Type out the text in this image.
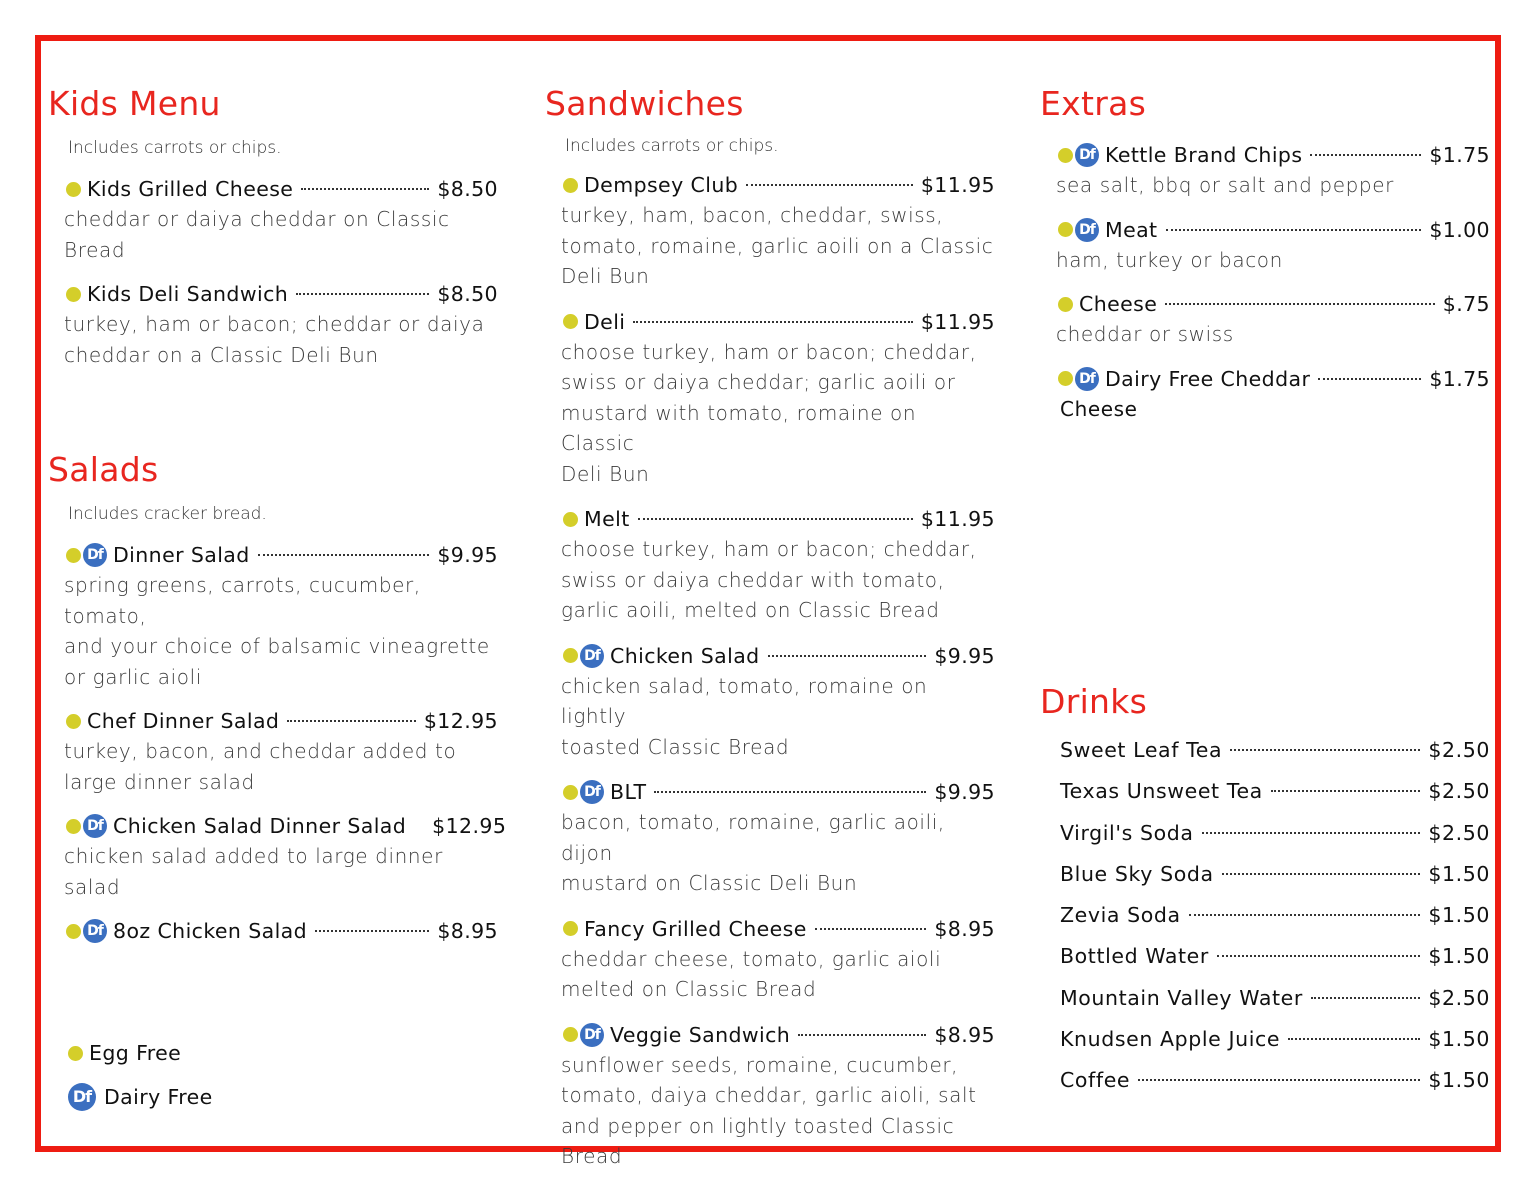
Kids Menu

Includes carrots or chips.

Kids Grilled Cheese	$8.50

cheddar or daiya cheddar on Classic
Bread

Kids Deli Sandwich	$8.50

turkey, ham or bacon; cheddar or daiya
cheddar on a Classic Deli Bun

Salads

Includes cracker bread.

Df Dinner Salad	$9.95

spring greens, carrots, cucumber, tomato,
and your choice of balsamic vineagrette
or garlic aioli

Chef Dinner Salad	$12.95

turkey, bacon, and cheddar added to
large dinner salad

Df Chicken Salad Dinner Salad $12.95

chicken salad added to large dinner salad

Df 8oz Chicken Salad	$8.95
Egg Free
Df Dairy Free
Sandwiches

Includes carrots or chips.

Dempsey Club	$11.95

turkey, ham, bacon, cheddar, swiss,
tomato, romaine, garlic aoili on a Classic
Deli Bun

Deli	$11.95

choose turkey, ham or bacon; cheddar,
swiss or daiya cheddar; garlic aoili or
mustard with tomato, romaine on Classic
Deli Bun

Melt	$11.95

choose turkey, ham or bacon; cheddar,
swiss or daiya cheddar with tomato,
garlic aoili, melted on Classic Bread

Df Chicken Salad	$9.95

chicken salad, tomato, romaine on lightly
toasted Classic Bread

Df BLT	$9.95

bacon, tomato, romaine, garlic aoili, dijon
mustard on Classic Deli Bun

Fancy Grilled Cheese	$8.95

cheddar cheese, tomato, garlic aioli
melted on Classic Bread

Df Veggie Sandwich	$8.95

sunflower seeds, romaine, cucumber,
tomato, daiya cheddar, garlic aioli, salt
and pepper on lightly toasted Classic
Bread

Extras
Df Kettle Brand Chips	$1.75

sea salt, bbq or salt and pepper

Df Meat	$1.00

ham, turkey or bacon

Cheese	$.75

cheddar or swiss

Df Dairy Free Cheddar	$1.75

Cheese

Drinks
Sweet Leaf Tea	$2.50
Texas Unsweet Tea	$2.50
Virgil's Soda	$2.50
Blue Sky Soda	$1.50
Zevia Soda	$1.50
Bottled Water	$1.50
Mountain Valley Water	$2.50
Knudsen Apple Juice	$1.50
Coffee	$1.50
